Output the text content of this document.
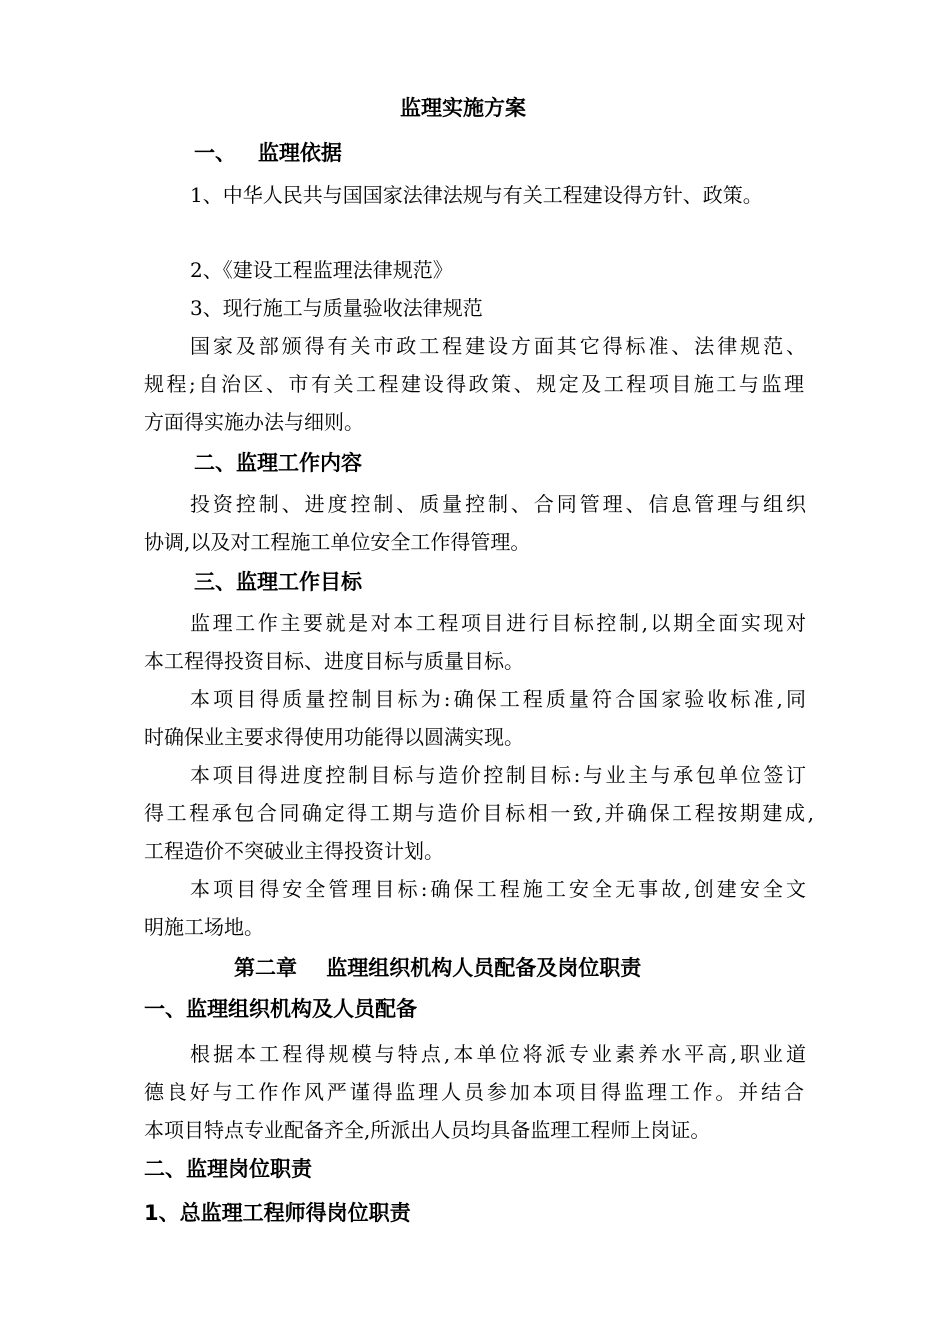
监理实施方案
一、   监理依据
1、中华人民共与国国家法律法规与有关工程建设得方针、政策。
2、《建设工程监理法律规范》
3、现行施工与质量验收法律规范
国家及部颁得有关市政工程建设方面其它得标准、法律规范、
规程;自治区、市有关工程建设得政策、规定及工程项目施工与监理
方面得实施办法与细则。
二、监理工作内容
投资控制、进度控制、质量控制、合同管理、信息管理与组织
协调,以及对工程施工单位安全工作得管理。
三、监理工作目标
监理工作主要就是对本工程项目进行目标控制,以期全面实现对
本工程得投资目标、进度目标与质量目标。
本项目得质量控制目标为:确保工程质量符合国家验收标准,同
时确保业主要求得使用功能得以圆满实现。
本项目得进度控制目标与造价控制目标:与业主与承包单位签订
得工程承包合同确定得工期与造价目标相一致,并确保工程按期建成,
工程造价不突破业主得投资计划。
本项目得安全管理目标:确保工程施工安全无事故,创建安全文
明施工场地。
第二章    监理组织机构人员配备及岗位职责
一、监理组织机构及人员配备
根据本工程得规模与特点,本单位将派专业素养水平高,职业道
德良好与工作作风严谨得监理人员参加本项目得监理工作。并结合
本项目特点专业配备齐全,所派出人员均具备监理工程师上岗证。
二、监理岗位职责
1、总监理工程师得岗位职责
